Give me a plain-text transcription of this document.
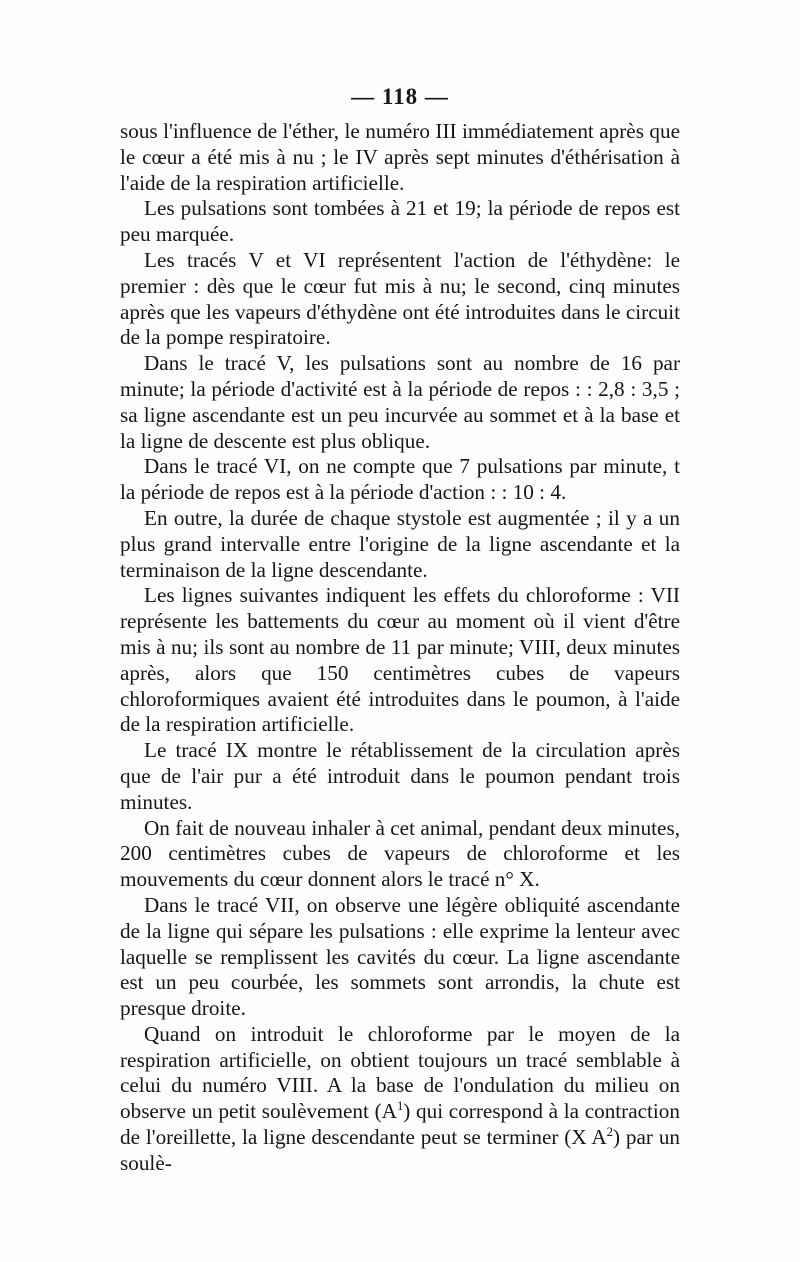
— 118 —

sous l'influence de l'éther, le numéro III immédiatement après que le cœur a été mis à nu ; le IV après sept minutes d'éthérisation à l'aide de la respiration artificielle.

Les pulsations sont tombées à 21 et 19; la période de repos est peu marquée.

Les tracés V et VI représentent l'action de l'éthydène: le premier : dès que le cœur fut mis à nu; le second, cinq minutes après que les vapeurs d'éthydène ont été introduites dans le circuit de la pompe respiratoire.

Dans le tracé V, les pulsations sont au nombre de 16 par minute; la période d'activité est à la période de repos : : 2,8 : 3,5 ; sa ligne ascendante est un peu incurvée au sommet et à la base et la ligne de descente est plus oblique.

Dans le tracé VI, on ne compte que 7 pulsations par minute, t la période de repos est à la période d'action : : 10 : 4.

En outre, la durée de chaque stystole est augmentée ; il y a un plus grand intervalle entre l'origine de la ligne ascendante et la terminaison de la ligne descendante.

Les lignes suivantes indiquent les effets du chloroforme : VII représente les battements du cœur au moment où il vient d'être mis à nu; ils sont au nombre de 11 par minute; VIII, deux minutes après, alors que 150 centimètres cubes de vapeurs chloroformiques avaient été introduites dans le poumon, à l'aide de la respiration artificielle.

Le tracé IX montre le rétablissement de la circulation après que de l'air pur a été introduit dans le poumon pendant trois minutes.

On fait de nouveau inhaler à cet animal, pendant deux minutes, 200 centimètres cubes de vapeurs de chloroforme et les mouvements du cœur donnent alors le tracé n° X.

Dans le tracé VII, on observe une légère obliquité ascendante de la ligne qui sépare les pulsations : elle exprime la lenteur avec laquelle se remplissent les cavités du cœur. La ligne ascendante est un peu courbée, les sommets sont arrondis, la chute est presque droite.

Quand on introduit le chloroforme par le moyen de la respiration artificielle, on obtient toujours un tracé semblable à celui du numéro VIII. A la base de l'ondulation du milieu on observe un petit soulèvement $(A^1)$ qui correspond à la contraction de l'oreillette, la ligne descendante peut se terminer (X $A^2$) par un soulè-
